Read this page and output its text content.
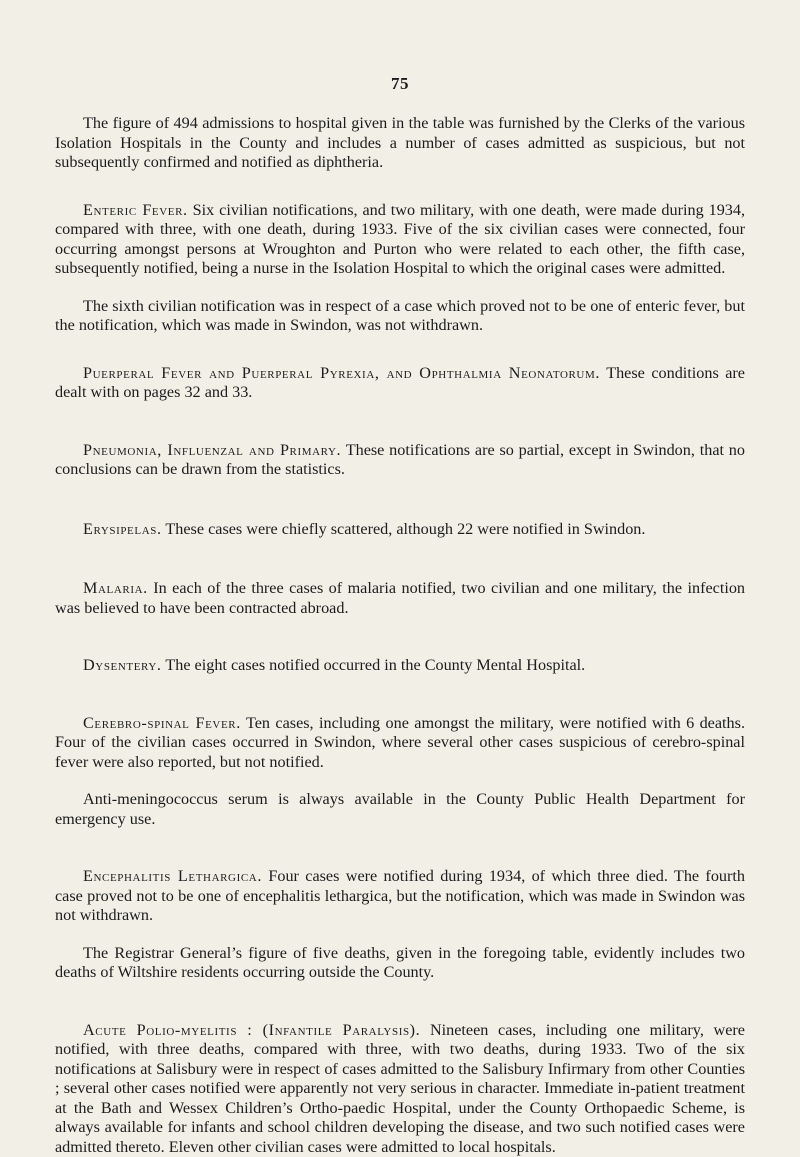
75

The figure of 494 admissions to hospital given in the table was furnished by the Clerks of the various Isolation Hospitals in the County and includes a number of cases admitted as suspicious, but not subsequently confirmed and notified as diphtheria.

Enteric Fever. Six civilian notifications, and two military, with one death, were made during 1934, compared with three, with one death, during 1933. Five of the six civilian cases were connected, four occurring amongst persons at Wroughton and Purton who were related to each other, the fifth case, subsequently notified, being a nurse in the Isolation Hospital to which the original cases were admitted.

The sixth civilian notification was in respect of a case which proved not to be one of enteric fever, but the notification, which was made in Swindon, was not withdrawn.

Puerperal Fever and Puerperal Pyrexia, and Ophthalmia Neonatorum. These conditions are dealt with on pages 32 and 33.

Pneumonia, Influenzal and Primary. These notifications are so partial, except in Swindon, that no conclusions can be drawn from the statistics.

Erysipelas. These cases were chiefly scattered, although 22 were notified in Swindon.

Malaria. In each of the three cases of malaria notified, two civilian and one military, the infection was believed to have been contracted abroad.

Dysentery. The eight cases notified occurred in the County Mental Hospital.

Cerebro-spinal Fever. Ten cases, including one amongst the military, were notified with 6 deaths. Four of the civilian cases occurred in Swindon, where several other cases suspicious of cerebro-spinal fever were also reported, but not notified.

Anti-meningococcus serum is always available in the County Public Health Department for emergency use.

Encephalitis Lethargica. Four cases were notified during 1934, of which three died. The fourth case proved not to be one of encephalitis lethargica, but the notification, which was made in Swindon was not withdrawn.

The Registrar General’s figure of five deaths, given in the foregoing table, evidently includes two deaths of Wiltshire residents occurring outside the County.

Acute Polio-myelitis : (Infantile Paralysis). Nineteen cases, including one military, were notified, with three deaths, compared with three, with two deaths, during 1933. Two of the six notifications at Salisbury were in respect of cases admitted to the Salisbury Infirmary from other Counties ; several other cases notified were apparently not very serious in character. Immediate in-patient treatment at the Bath and Wessex Children’s Ortho-paedic Hospital, under the County Orthopaedic Scheme, is always available for infants and school children developing the disease, and two such notified cases were admitted thereto. Eleven other civilian cases were admitted to local hospitals.
